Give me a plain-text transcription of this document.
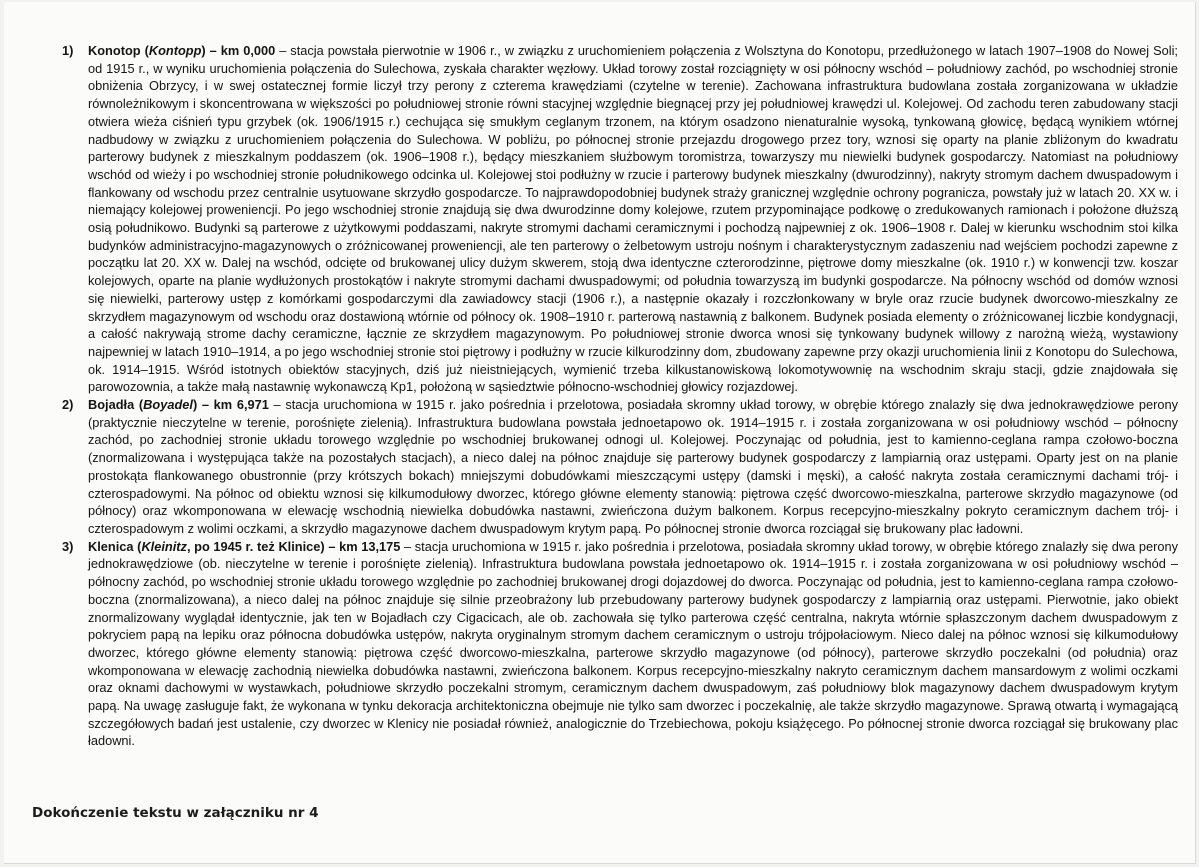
1) Konotop (Kontopp) – km 0,000 – stacja powstała pierwotnie w 1906 r., w związku z uruchomieniem połączenia z Wolsztyna do Konotopu, przedłużonego w latach 1907–1908 do Nowej Soli; od 1915 r., w wyniku uruchomienia połączenia do Sulechowa, zyskała charakter węzłowy. Układ torowy został rozciągnięty w osi północny wschód – południowy zachód, po wschodniej stronie obniżenia Obrzycy, i w swej ostatecznej formie liczył trzy perony z czterema krawędziami (czytelne w terenie). Zachowana infrastruktura budowlana została zorganizowana w układzie równoleżnikowym i skoncentrowana w większości po południowej stronie równi stacyjnej względnie biegnącej przy jej południowej krawędzi ul. Kolejowej. Od zachodu teren zabudowany stacji otwiera wieża ciśnień typu grzybek (ok. 1906/1915 r.) cechująca się smukłym ceglanym trzonem, na którym osadzono nienaturalnie wysoką, tynkowaną głowicę, będącą wynikiem wtórnej nadbudowy w związku z uruchomieniem połączenia do Sulechowa. W pobliżu, po północnej stronie przejazdu drogowego przez tory, wznosi się oparty na planie zbliżonym do kwadratu parterowy budynek z mieszkalnym poddaszem (ok. 1906–1908 r.), będący mieszkaniem służbowym toromistrza, towarzyszy mu niewielki budynek gospodarczy. Natomiast na południowy wschód od wieży i po wschodniej stronie południkowego odcinka ul. Kolejowej stoi podłużny w rzucie i parterowy budynek mieszkalny (dwurodzinny), nakryty stromym dachem dwuspadowym i flankowany od wschodu przez centralnie usytuowane skrzydło gospodarcze. To najprawdopodobniej budynek straży granicznej względnie ochrony pogranicza, powstały już w latach 20. XX w. i niemający kolejowej proweniencji. Po jego wschodniej stronie znajdują się dwa dwurodzinne domy kolejowe, rzutem przypominające podkowę o zredukowanych ramionach i położone dłuższą osią południkowo. Budynki są parterowe z użytkowymi poddaszami, nakryte stromymi dachami ceramicznymi i pochodzą najpewniej z ok. 1906–1908 r. Dalej w kierunku wschodnim stoi kilka budynków administracyjno-magazynowych o zróżnicowanej proweniencji, ale ten parterowy o żelbetowym ustroju nośnym i charakterystycznym zadaszeniu nad wejściem pochodzi zapewne z początku lat 20. XX w. Dalej na wschód, odcięte od brukowanej ulicy dużym skwerem, stoją dwa identyczne czterorodzinne, piętrowe domy mieszkalne (ok. 1910 r.) w konwencji tzw. koszar kolejowych, oparte na planie wydłużonych prostokątów i nakryte stromymi dachami dwuspadowymi; od południa towarzyszą im budynki gospodarcze. Na północny wschód od domów wznosi się niewielki, parterowy ustęp z komórkami gospodarczymi dla zawiadowcy stacji (1906 r.), a następnie okazały i rozczłonkowany w bryle oraz rzucie budynek dworcowo-mieszkalny ze skrzydłem magazynowym od wschodu oraz dostawioną wtórnie od północy ok. 1908–1910 r. parterową nastawnią z balkonem. Budynek posiada elementy o zróżnicowanej liczbie kondygnacji, a całość nakrywają strome dachy ceramiczne, łącznie ze skrzydłem magazynowym. Po południowej stronie dworca wnosi się tynkowany budynek willowy z narożną wieżą, wystawiony najpewniej w latach 1910–1914, a po jego wschodniej stronie stoi piętrowy i podłużny w rzucie kilkurodzinny dom, zbudowany zapewne przy okazji uruchomienia linii z Konotopu do Sulechowa, ok. 1914–1915. Wśród istotnych obiektów stacyjnych, dziś już nieistniejących, wymienić trzeba kilkustanowiskową lokomotywownię na wschodnim skraju stacji, gdzie znajdowała się parowozownia, a także małą nastawnię wykonawczą Kp1, położoną w sąsiedztwie północno-wschodniej głowicy rozjazdowej.
2) Bojadła (Boyadel) – km 6,971 – stacja uruchomiona w 1915 r. jako pośrednia i przelotowa, posiadała skromny układ torowy, w obrębie którego znalazły się dwa jednokrawędziowe perony (praktycznie nieczytelne w terenie, porośnięte zielenią). Infrastruktura budowlana powstała jednoetapowo ok. 1914–1915 r. i została zorganizowana w osi południowy wschód – północny zachód, po zachodniej stronie układu torowego względnie po wschodniej brukowanej odnogi ul. Kolejowej. Poczynając od południa, jest to kamienno-ceglana rampa czołowo-boczna (znormalizowana i występująca także na pozostałych stacjach), a nieco dalej na północ znajduje się parterowy budynek gospodarczy z lampiarnią oraz ustępami. Oparty jest on na planie prostokąta flankowanego obustronnie (przy krótszych bokach) mniejszymi dobudówkami mieszczącymi ustępy (damski i męski), a całość nakryta została ceramicznymi dachami trój- i czterospadowymi. Na północ od obiektu wznosi się kilkumodułowy dworzec, którego główne elementy stanowią: piętrowa część dworcowo-mieszkalna, parterowe skrzydło magazynowe (od północy) oraz wkomponowana w elewację wschodnią niewielka dobudówka nastawni, zwieńczona dużym balkonem. Korpus recepcyjno-mieszkalny pokryto ceramicznym dachem trój- i czterospadowym z wolimi oczkami, a skrzydło magazynowe dachem dwuspadowym krytym papą. Po północnej stronie dworca rozciągał się brukowany plac ładowni.
3) Klenica (Kleinitz, po 1945 r. też Klinice) – km 13,175 – stacja uruchomiona w 1915 r. jako pośrednia i przelotowa, posiadała skromny układ torowy, w obrębie którego znalazły się dwa perony jednokrawędziowe (ob. nieczytelne w terenie i porośnięte zielenią). Infrastruktura budowlana powstała jednoetapowo ok. 1914–1915 r. i została zorganizowana w osi południowy wschód – północny zachód, po wschodniej stronie układu torowego względnie po zachodniej brukowanej drogi dojazdowej do dworca. Poczynając od południa, jest to kamienno-ceglana rampa czołowo-boczna (znormalizowana), a nieco dalej na północ znajduje się silnie przeobrażony lub przebudowany parterowy budynek gospodarczy z lampiarnią oraz ustępami. Pierwotnie, jako obiekt znormalizowany wyglądał identycznie, jak ten w Bojadłach czy Cigacicach, ale ob. zachowała się tylko parterowa część centralna, nakryta wtórnie spłaszczonym dachem dwuspadowym z pokryciem papą na lepiku oraz północna dobudówka ustępów, nakryta oryginalnym stromym dachem ceramicznym o ustroju trójpołaciowym. Nieco dalej na północ wznosi się kilkumodułowy dworzec, którego główne elementy stanowią: piętrowa część dworcowo-mieszkalna, parterowe skrzydło magazynowe (od północy), parterowe skrzydło poczekalni (od południa) oraz wkomponowana w elewację zachodnią niewielka dobudówka nastawni, zwieńczona balkonem. Korpus recepcyjno-mieszkalny nakryto ceramicznym dachem mansardowym z wolimi oczkami oraz oknami dachowymi w wystawkach, południowe skrzydło poczekalni stromym, ceramicznym dachem dwuspadowym, zaś południowy blok magazynowy dachem dwuspadowym krytym papą. Na uwagę zasługuje fakt, że wykonana w tynku dekoracja architektoniczna obejmuje nie tylko sam dworzec i poczekalnię, ale także skrzydło magazynowe. Sprawą otwartą i wymagającą szczegółowych badań jest ustalenie, czy dworzec w Klenicy nie posiadał również, analogicznie do Trzebiechowa, pokoju książęcego. Po północnej stronie dworca rozciągał się brukowany plac ładowni.

Dokończenie tekstu w załączniku nr 4
